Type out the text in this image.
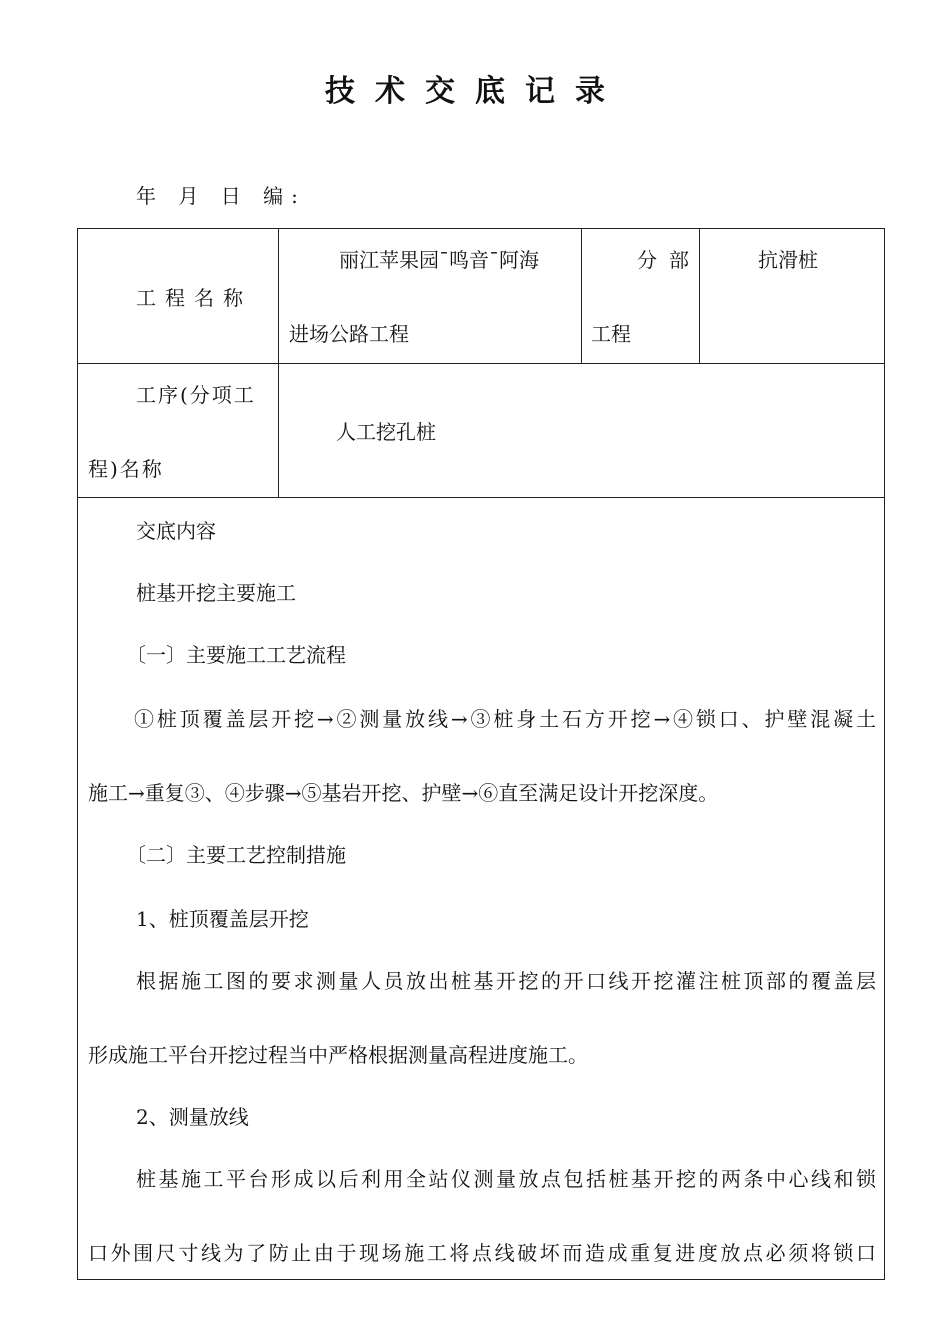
技术交底记录
年 月 日 编:
工程名称
丽江苹果园¯鸣音¯阿海
进场公路工程
分部
工程
抗滑桩
工序(分项工
程)名称
人工挖孔桩
交底内容
桩基开挖主要施工
〔一〕主要施工工艺流程
①桩顶覆盖层开挖→②测量放线→③桩身土石方开挖→④锁口、护壁混凝土
施工→重复③、④步骤→⑤基岩开挖、护壁→⑥直至满足设计开挖深度。
〔二〕主要工艺控制措施
1、桩顶覆盖层开挖
根据施工图的要求测量人员放出桩基开挖的开口线开挖灌注桩顶部的覆盖层
形成施工平台开挖过程当中严格根据测量高程进度施工。
2、测量放线
桩基施工平台形成以后利用全站仪测量放点包括桩基开挖的两条中心线和锁
口外围尺寸线为了防止由于现场施工将点线破坏而造成重复进度放点必须将锁口
